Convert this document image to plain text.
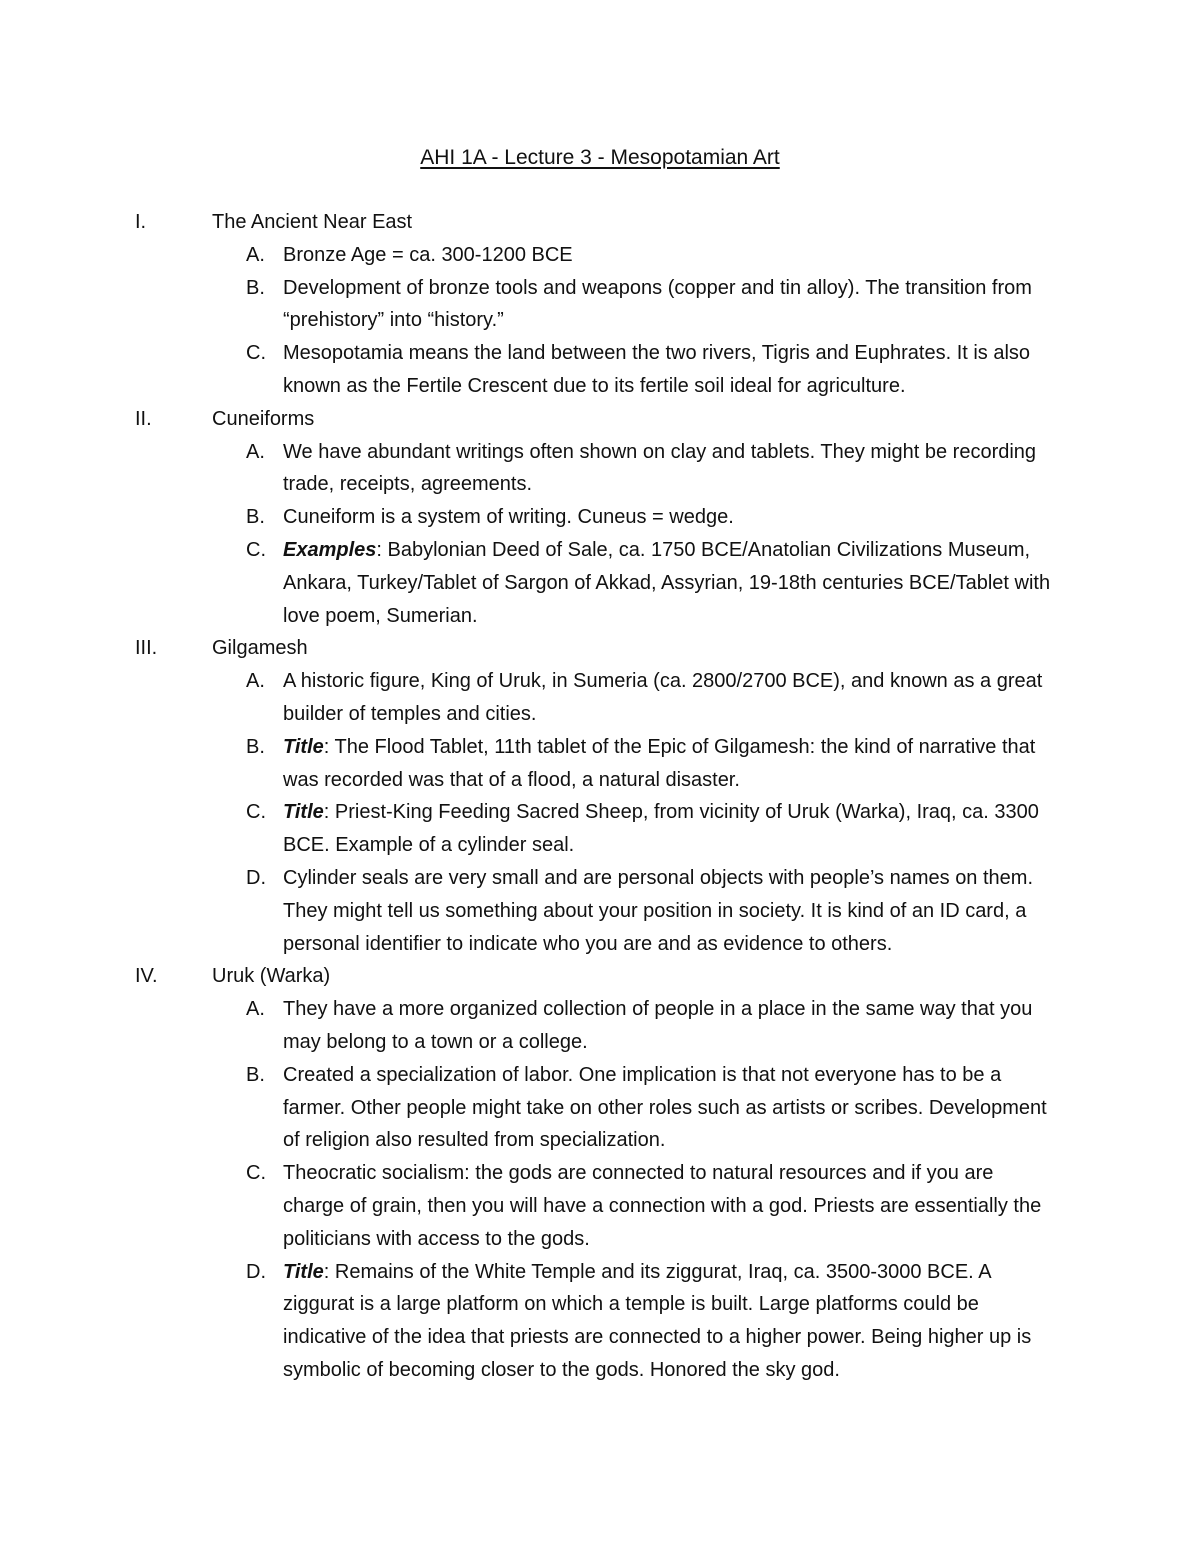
AHI 1A - Lecture 3 - Mesopotamian Art
I.	The Ancient Near East
A. Bronze Age = ca. 300-1200 BCE
B. Development of bronze tools and weapons (copper and tin alloy). The transition from “prehistory” into “history.”
C. Mesopotamia means the land between the two rivers, Tigris and Euphrates. It is also known as the Fertile Crescent due to its fertile soil ideal for agriculture.
II.	Cuneiforms
A. We have abundant writings often shown on clay and tablets. They might be recording trade, receipts, agreements.
B. Cuneiform is a system of writing. Cuneus = wedge.
C. Examples: Babylonian Deed of Sale, ca. 1750 BCE/Anatolian Civilizations Museum, Ankara, Turkey/Tablet of Sargon of Akkad, Assyrian, 19-18th centuries BCE/Tablet with love poem, Sumerian.
III.	Gilgamesh
A. A historic figure, King of Uruk, in Sumeria (ca. 2800/2700 BCE), and known as a great builder of temples and cities.
B. Title: The Flood Tablet, 11th tablet of the Epic of Gilgamesh: the kind of narrative that was recorded was that of a flood, a natural disaster.
C. Title: Priest-King Feeding Sacred Sheep, from vicinity of Uruk (Warka), Iraq, ca. 3300 BCE. Example of a cylinder seal.
D. Cylinder seals are very small and are personal objects with people’s names on them. They might tell us something about your position in society. It is kind of an ID card, a personal identifier to indicate who you are and as evidence to others.
IV.	Uruk (Warka)
A. They have a more organized collection of people in a place in the same way that you may belong to a town or a college.
B. Created a specialization of labor. One implication is that not everyone has to be a farmer. Other people might take on other roles such as artists or scribes. Development of religion also resulted from specialization.
C. Theocratic socialism: the gods are connected to natural resources and if you are charge of grain, then you will have a connection with a god. Priests are essentially the politicians with access to the gods.
D. Title: Remains of the White Temple and its ziggurat, Iraq, ca. 3500-3000 BCE. A ziggurat is a large platform on which a temple is built. Large platforms could be indicative of the idea that priests are connected to a higher power. Being higher up is symbolic of becoming closer to the gods. Honored the sky god.
